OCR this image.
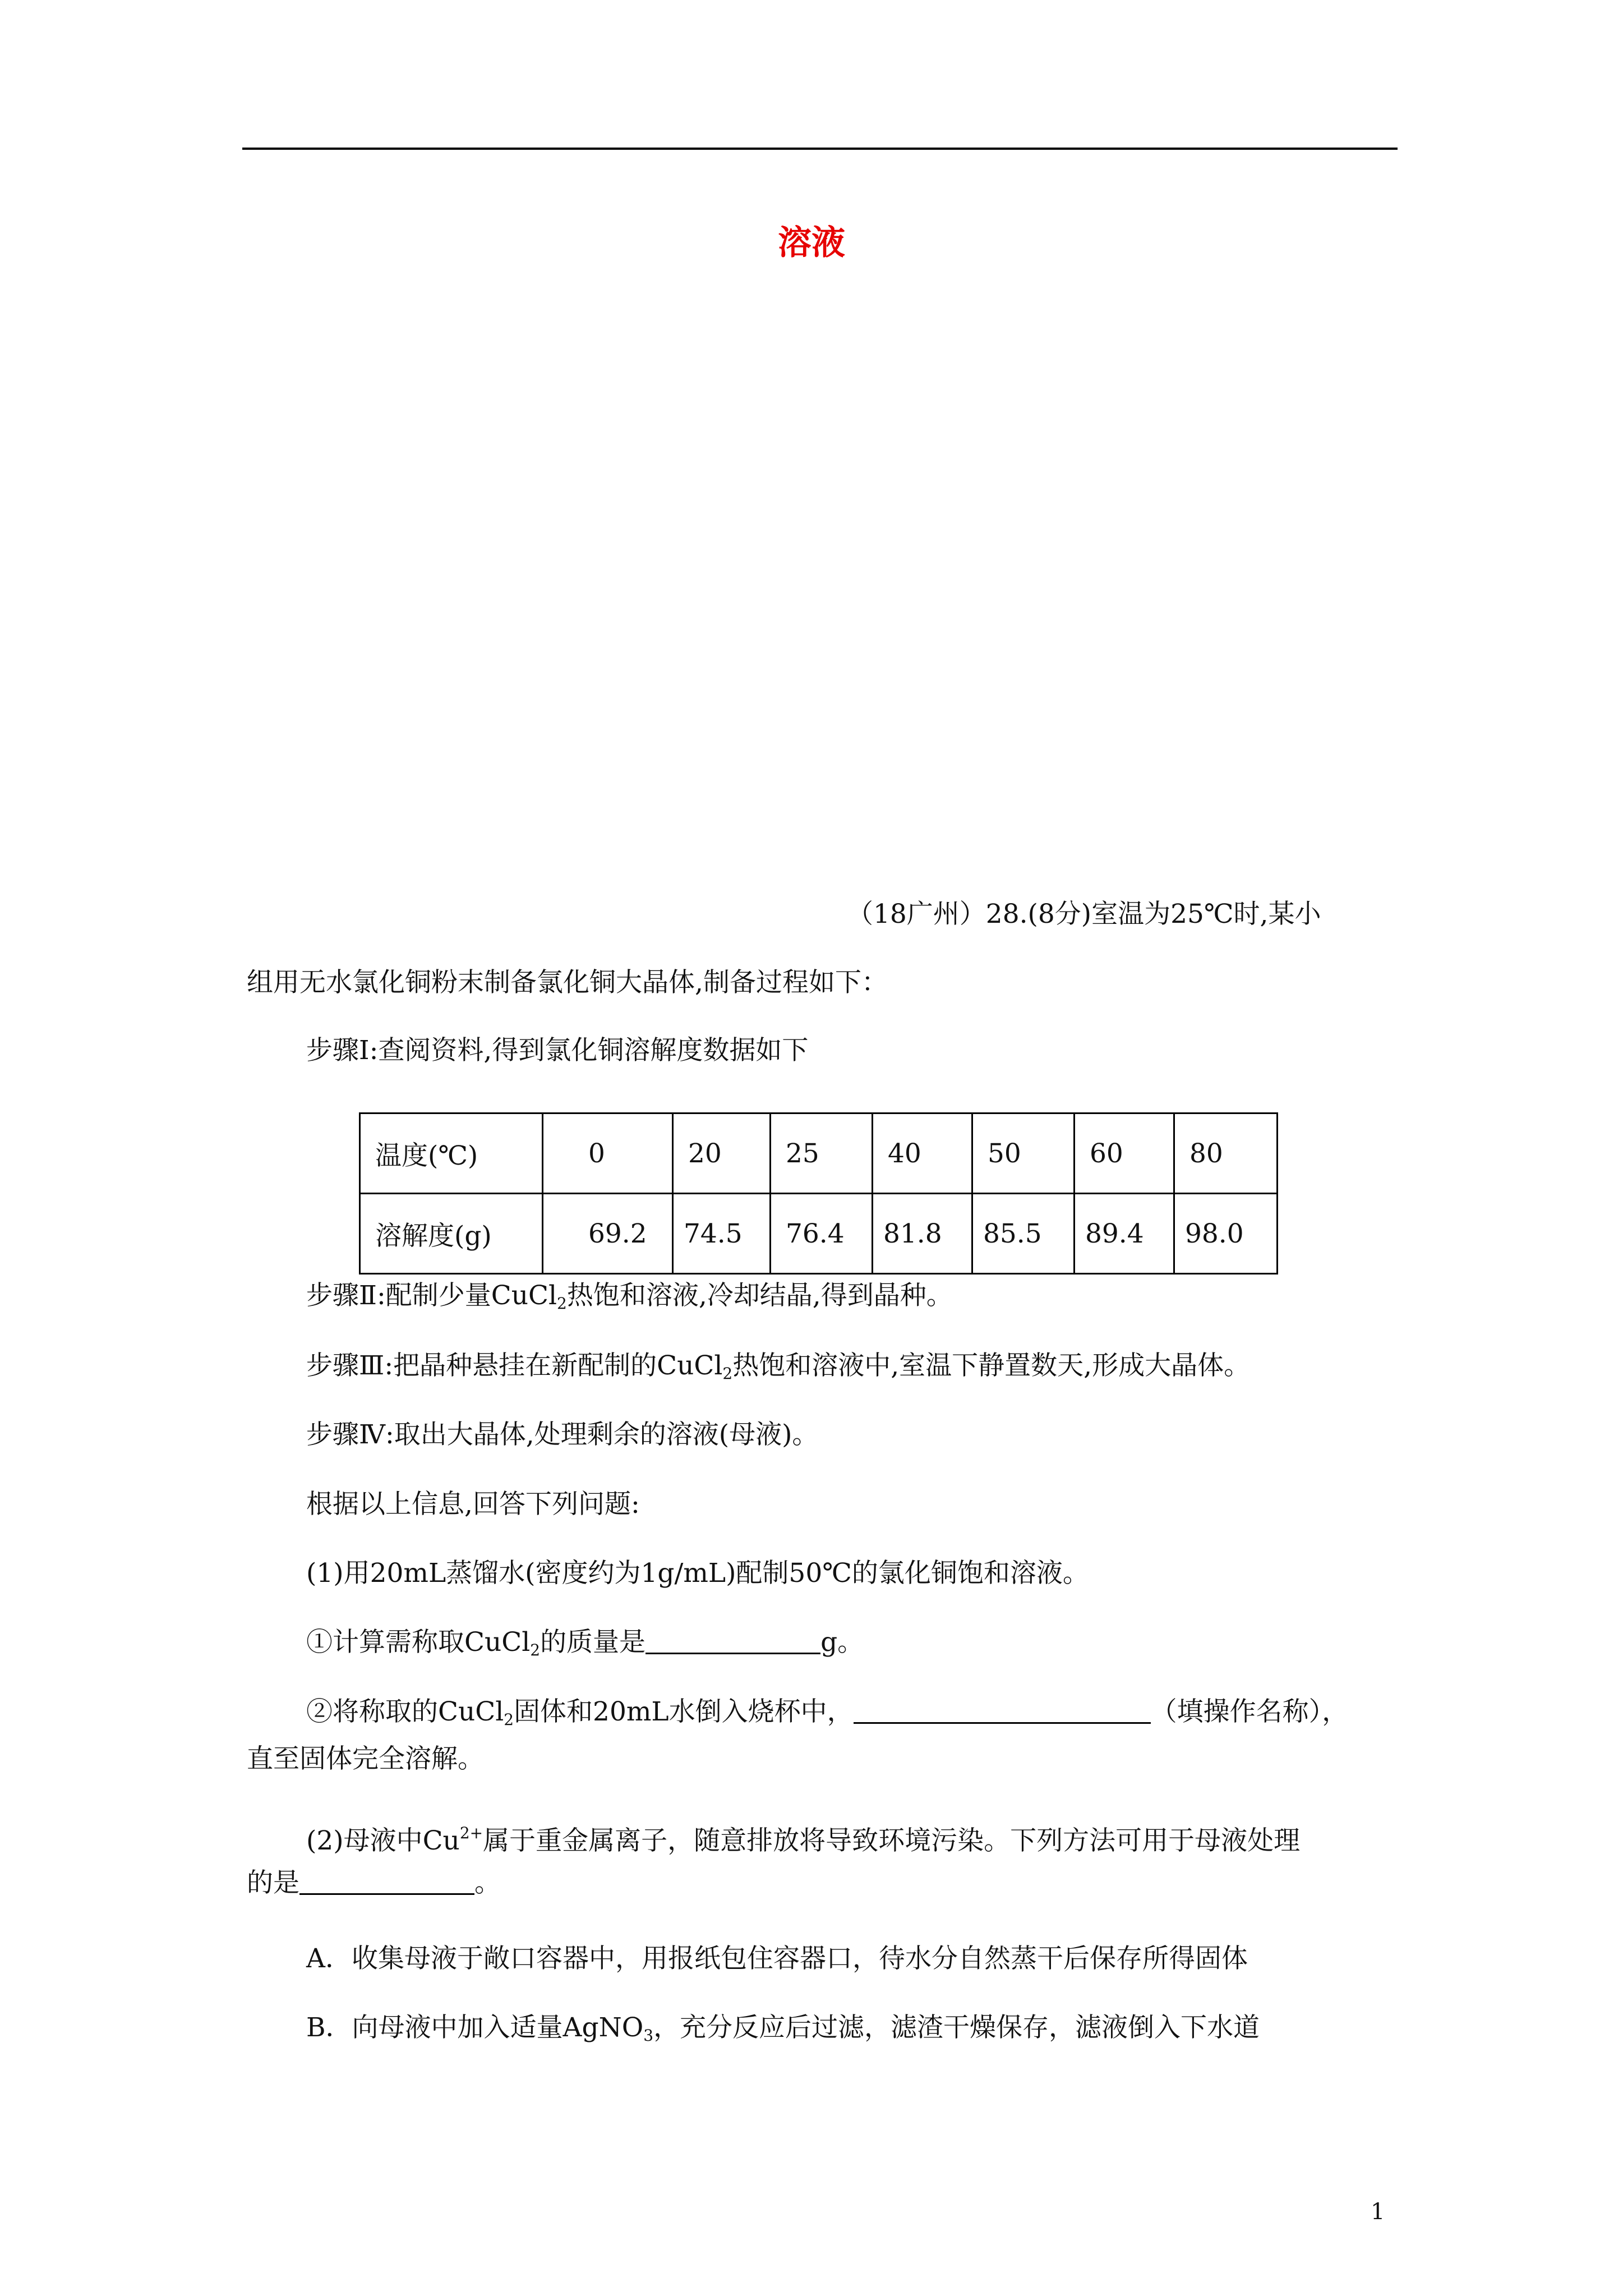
溶液
（18广州）28.(8分)室温为25℃时,某小
组用无水氯化铜粉末制备氯化铜大晶体,制备过程如下：
步骤Ⅰ:查阅资料,得到氯化铜溶解度数据如下
温度(℃)	0	20	25	40	50	60	80
溶解度(g)	69.2	74.5	76.4	81.8	85.5	89.4	98.0
步骤Ⅱ:配制少量CuCl$_2$热饱和溶液,冷却结晶,得到晶种。
步骤Ⅲ:把晶种悬挂在新配制的CuCl$_2$热饱和溶液中,室温下静置数天,形成大晶体。
步骤Ⅳ:取出大晶体,处理剩余的溶液(母液)。
根据以上信息,回答下列问题:
(1)用20mL蒸馏水(密度约为1g/mL)配制50℃的氯化铜饱和溶液。
①计算需称取CuCl$_2$的质量是	g。
②将称取的CuCl$_2$固体和20mL水倒入烧杯中，	（填操作名称），
直至固体完全溶解。
(2)母液中$Cu^{2+}$属于重金属离子，随意排放将导致环境污染。下列方法可用于母液处理
的是	。
A．收集母液于敞口容器中，用报纸包住容器口，待水分自然蒸干后保存所得固体
B．向母液中加入适量AgNO$_3$，充分反应后过滤，滤渣干燥保存，滤液倒入下水道
1
